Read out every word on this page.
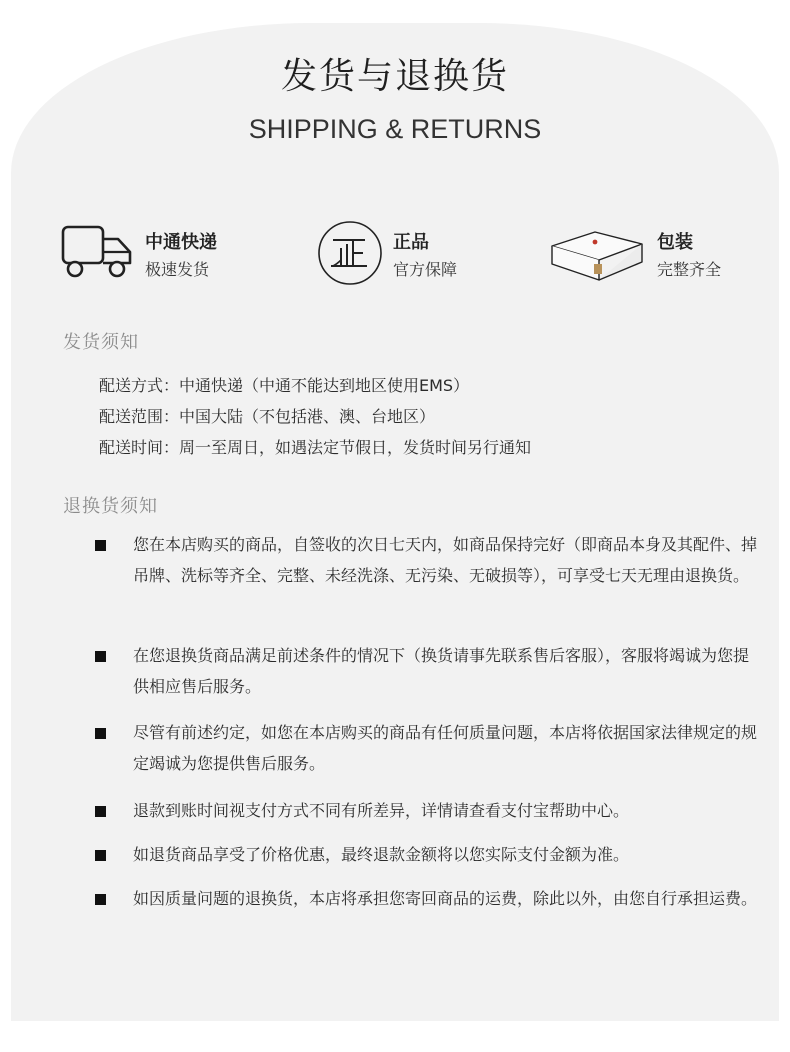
发货与退换货
SHIPPING & RETURNS
中通快递
极速发货
正品
官方保障
包装
完整齐全
发货须知
配送方式：中通快递（中通不能达到地区使用EMS）
配送范围：中国大陆（不包括港、澳、台地区）
配送时间：周一至周日，如遇法定节假日，发货时间另行通知
退换货须知
您在本店购买的商品，自签收的次日七天内，如商品保持完好（即商品本身及其配件、掉吊牌、洗标等齐全、完整、未经洗涤、无污染、无破损等），可享受七天无理由退换货。
在您退换货商品满足前述条件的情况下（换货请事先联系售后客服），客服将竭诚为您提供相应售后服务。
尽管有前述约定，如您在本店购买的商品有任何质量问题，本店将依据国家法律规定的规定竭诚为您提供售后服务。
退款到账时间视支付方式不同有所差异，详情请查看支付宝帮助中心。
如退货商品享受了价格优惠，最终退款金额将以您实际支付金额为准。
如因质量问题的退换货，本店将承担您寄回商品的运费，除此以外，由您自行承担运费。
